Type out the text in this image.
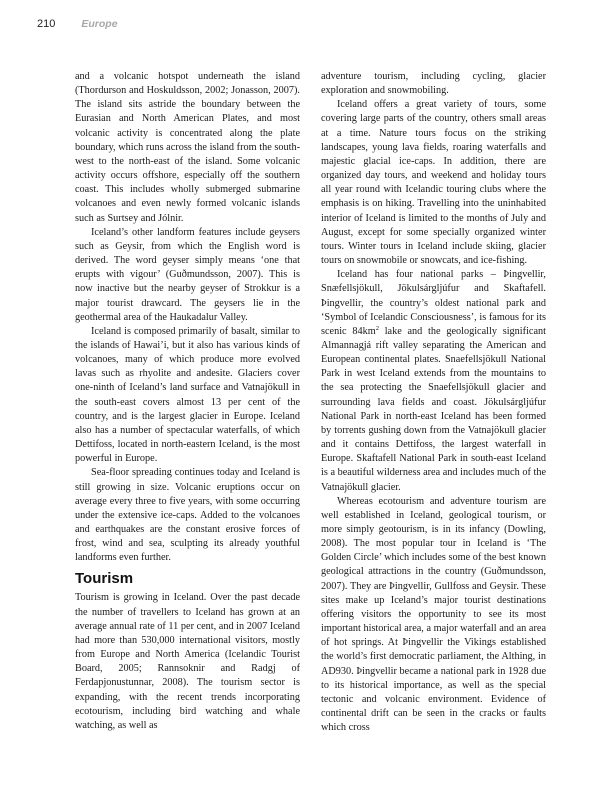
210 Europe

and a volcanic hotspot underneath the island (Thordurson and Hoskuldsson, 2002; Jonasson, 2007). The island sits astride the boundary between the Eurasian and North American Plates, and most volcanic activity is concentrated along the plate boundary, which runs across the island from the south-west to the north-east of the island. Some volcanic activity occurs offshore, especially off the southern coast. This includes wholly submerged submarine volcanoes and even newly formed volcanic islands such as Surtsey and Jólnir.

Iceland’s other landform features include geysers such as Geysir, from which the English word is derived. The word geyser simply means ‘one that erupts with vigour’ (Guðmundsson, 2007). This is now inactive but the nearby geyser of Strokkur is a major tourist drawcard. The geysers lie in the geothermal area of the Haukadalur Valley.

Iceland is composed primarily of basalt, similar to the islands of Hawai’i, but it also has various kinds of volcanoes, many of which produce more evolved lavas such as rhyolite and andesite. Glaciers cover one-ninth of Iceland’s land surface and Vatnajökull in the south-east covers almost 13 per cent of the country, and is the largest glacier in Europe. Iceland also has a number of spectacular waterfalls, of which Dettifoss, located in north-eastern Iceland, is the most powerful in Europe.

Sea-floor spreading continues today and Iceland is still growing in size. Volcanic eruptions occur on average every three to five years, with some occurring under the extensive ice-caps. Added to the volcanoes and earthquakes are the constant erosive forces of frost, wind and sea, sculpting its already youthful landforms even further.

Tourism

Tourism is growing in Iceland. Over the past decade the number of travellers to Iceland has grown at an average annual rate of 11 per cent, and in 2007 Iceland had more than 530,000 international visitors, mostly from Europe and North America (Icelandic Tourist Board, 2005; Rannsoknir and Radgj of Ferdapjonustunnar, 2008). The tourism sector is expanding, with the recent trends incorporating ecotourism, including bird watching and whale watching, as well as

adventure tourism, including cycling, glacier exploration and snowmobiling.

Iceland offers a great variety of tours, some covering large parts of the country, others small areas at a time. Nature tours focus on the striking landscapes, young lava fields, roaring waterfalls and majestic glacial ice-caps. In addition, there are organized day tours, and weekend and holiday tours all year round with Icelandic touring clubs where the emphasis is on hiking. Travelling into the uninhabited interior of Iceland is limited to the months of July and August, except for some specially organized winter tours. Winter tours in Iceland include skiing, glacier tours on snowmobile or snowcats, and ice-fishing.

Iceland has four national parks – Þingvellir, Snæfellsjökull, Jökulsárgljúfur and Skaftafell. Þingvellir, the country’s oldest national park and ‘Symbol of Icelandic Consciousness’, is famous for its scenic $84km^2$ lake and the geologically significant Almannagjá rift valley separating the American and European continental plates. Snaefellsjökull National Park in west Iceland extends from the mountains to the sea protecting the Snaefellsjökull glacier and surrounding lava fields and coast. Jökulsárgljúfur National Park in north-east Iceland has been formed by torrents gushing down from the Vatnajökull glacier and it contains Dettifoss, the largest waterfall in Europe. Skaftafell National Park in south-east Iceland is a beautiful wilderness area and includes much of the Vatnajökull glacier.

Whereas ecotourism and adventure tourism are well established in Iceland, geological tourism, or more simply geotourism, is in its infancy (Dowling, 2008). The most popular tour in Iceland is ‘The Golden Circle’ which includes some of the best known geological attractions in the country (Guðmundsson, 2007). They are Þingvellir, Gullfoss and Geysir. These sites make up Iceland’s major tourist destinations offering visitors the opportunity to see its most important historical area, a major waterfall and an area of hot springs. At Þingvellir the Vikings established the world’s first democratic parliament, the Althing, in AD930. Þingvellir became a national park in 1928 due to its historical importance, as well as the special tectonic and volcanic environment. Evidence of continental drift can be seen in the cracks or faults which cross
